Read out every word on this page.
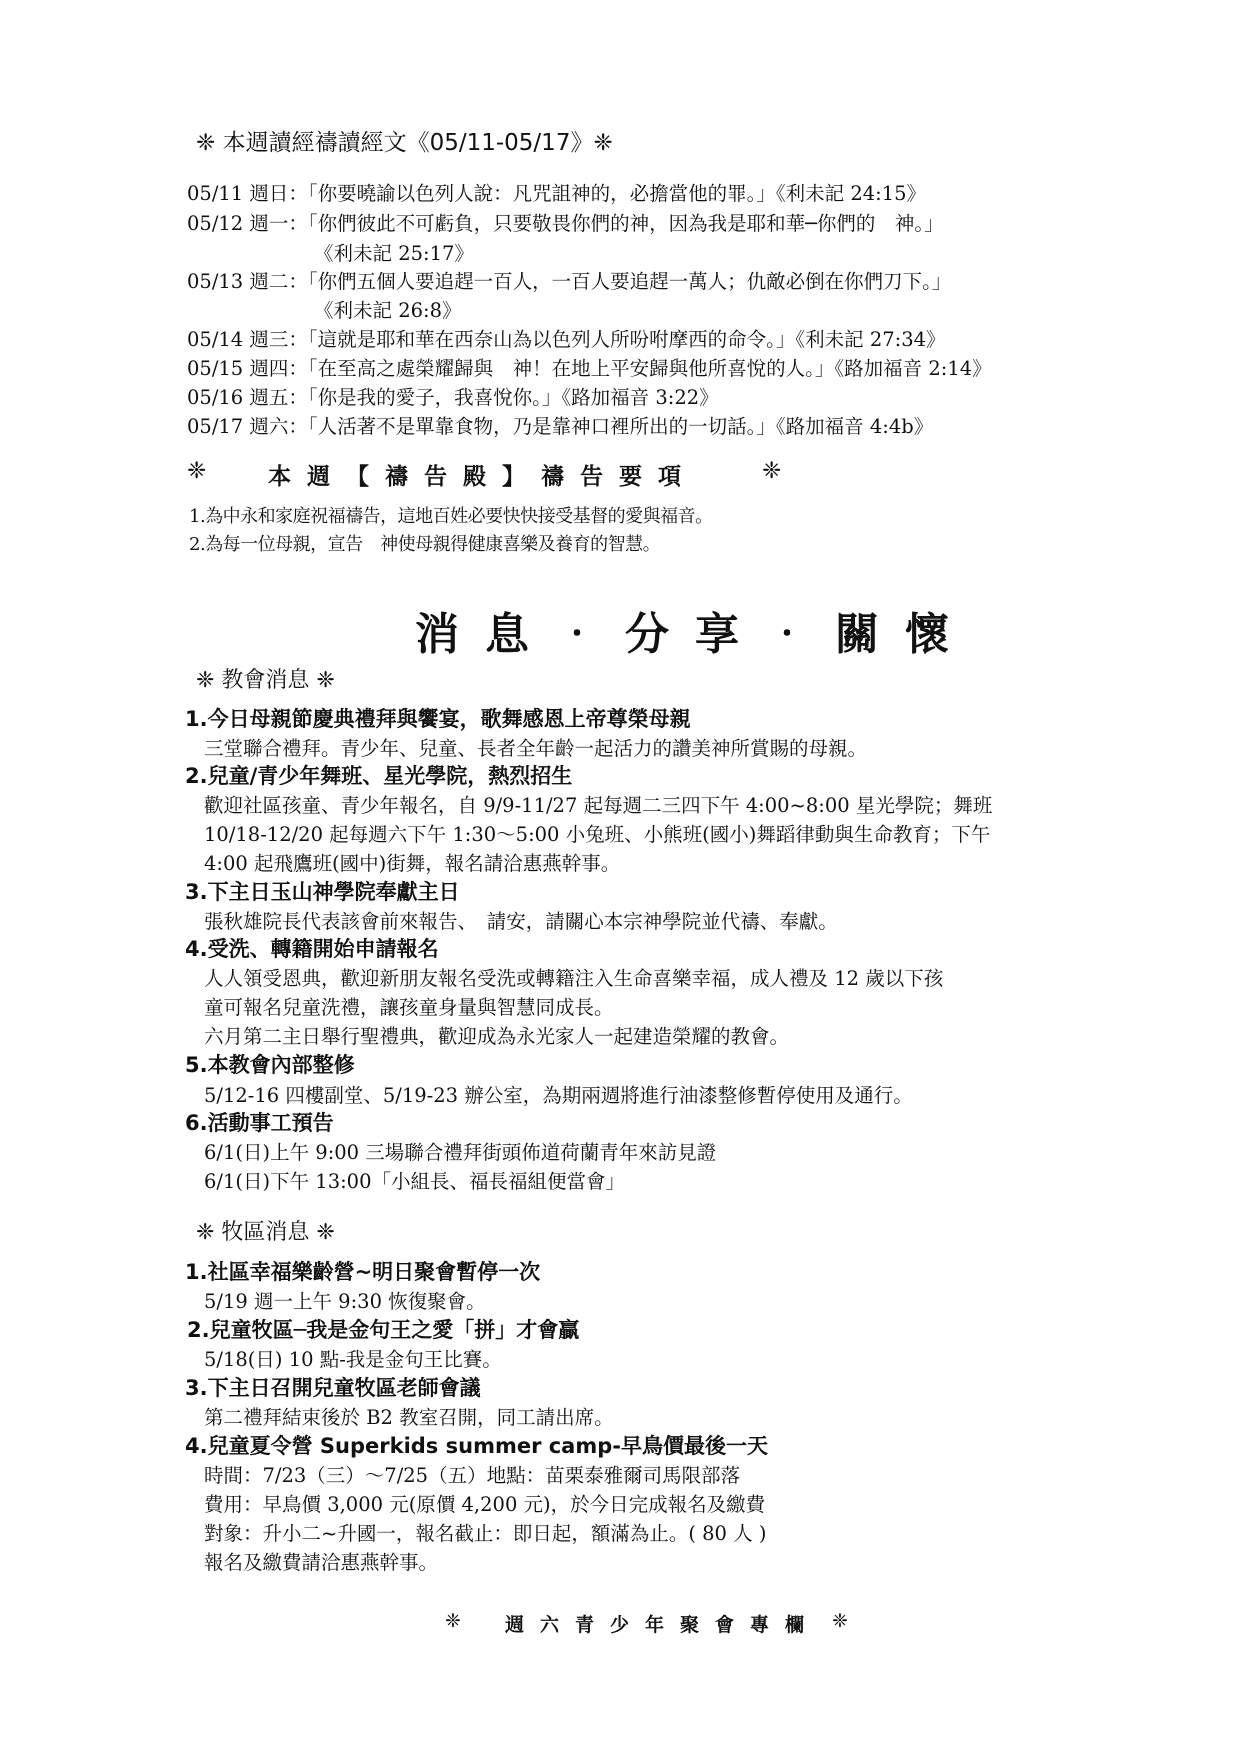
❈ 本週讀經禱讀經文《05/11-05/17》❈
05/11 週日：「你要曉諭以色列人說：凡咒詛神的，必擔當他的罪。」《利未記 24:15》
05/12 週一：「你們彼此不可虧負，只要敬畏你們的神，因為我是耶和華─你們的　神。」
《利未記 25:17》
05/13 週二：「你們五個人要追趕一百人，一百人要追趕一萬人；仇敵必倒在你們刀下。」
《利未記 26:8》
05/14 週三：「這就是耶和華在西奈山為以色列人所吩咐摩西的命令。」《利未記 27:34》
05/15 週四：「在至高之處榮耀歸與　神！在地上平安歸與他所喜悅的人。」《路加福音 2:14》
05/16 週五：「你是我的愛子，我喜悅你。」《路加福音 3:22》
05/17 週六：「人活著不是單靠食物，乃是靠神口裡所出的一切話。」《路加福音 4:4b》
❈	本週【禱告殿】禱告要項	❈
1.為中永和家庭祝福禱告，這地百姓必要快快接受基督的愛與福音。
2.為每一位母親，宣告　神使母親得健康喜樂及養育的智慧。
消息‧分享‧關懷
❈ 教會消息 ❈
1.今日母親節慶典禮拜與饗宴，歌舞感恩上帝尊榮母親
三堂聯合禮拜。青少年、兒童、長者全年齡一起活力的讚美神所賞賜的母親。
2.兒童/青少年舞班、星光學院，熱烈招生
歡迎社區孩童、青少年報名，自 9/9-11/27 起每週二三四下午 4:00~8:00 星光學院；舞班
10/18-12/20 起每週六下午 1:30～5:00 小兔班、小熊班(國小)舞蹈律動與生命教育；下午
4:00 起飛鷹班(國中)街舞，報名請洽惠燕幹事。
3.下主日玉山神學院奉獻主日
張秋雄院長代表該會前來報告、　請安，請關心本宗神學院並代禱、奉獻。
4.受洗、轉籍開始申請報名
人人領受恩典，歡迎新朋友報名受洗或轉籍注入生命喜樂幸福，成人禮及 12 歲以下孩
童可報名兒童洗禮，讓孩童身量與智慧同成長。
六月第二主日舉行聖禮典，歡迎成為永光家人一起建造榮耀的教會。
5.本教會內部整修
5/12-16 四樓副堂、5/19-23 辦公室，為期兩週將進行油漆整修暫停使用及通行。
6.活動事工預告
6/1(日)上午 9:00 三場聯合禮拜街頭佈道荷蘭青年來訪見證
6/1(日)下午 13:00「小組長、福長福組便當會」
❈ 牧區消息 ❈
1.社區幸福樂齡營~明日聚會暫停一次
5/19 週一上午 9:30 恢復聚會。
2.兒童牧區─我是金句王之愛「拼」才會贏
5/18(日) 10 點-我是金句王比賽。
3.下主日召開兒童牧區老師會議
第二禮拜結束後於 B2 教室召開，同工請出席。
4.兒童夏令營 Superkids summer camp-早鳥價最後一天
時間：7/23（三）～7/25（五）地點：苗栗泰雅爾司馬限部落
費用：早鳥價 3,000 元(原價 4,200 元)，於今日完成報名及繳費
對象：升小二~升國一，報名截止：即日起，額滿為止。( 80 人 )
報名及繳費請洽惠燕幹事。
❈ 週六青少年聚會專欄 ❈
